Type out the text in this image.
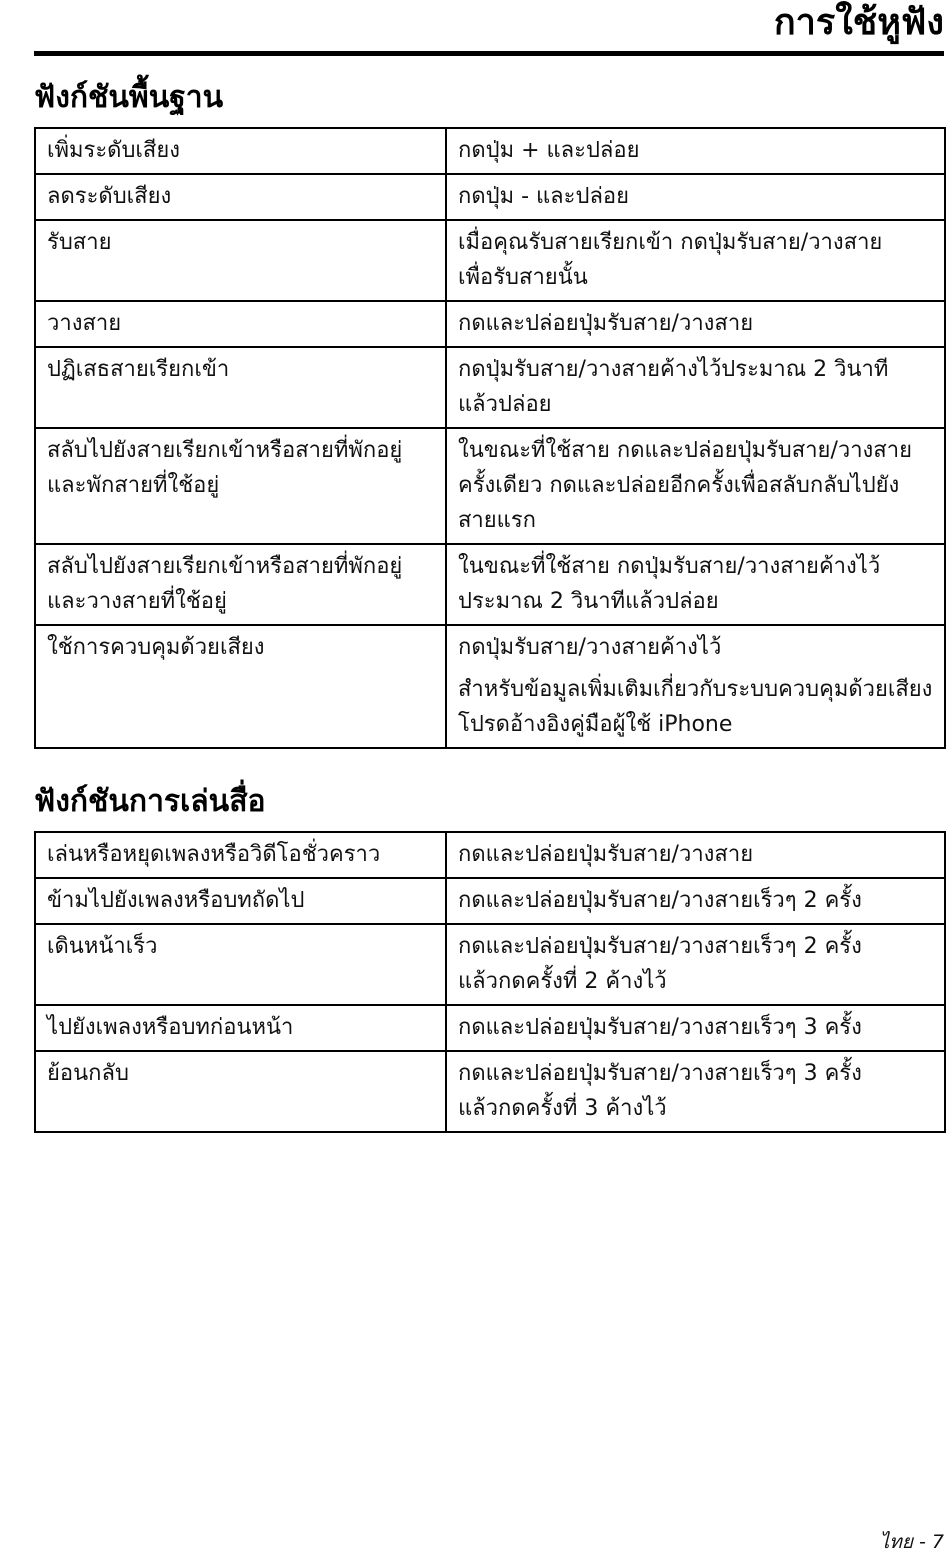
การใช้หูฟัง
ฟังก์ชันพื้นฐาน
เพิ่มระดับเสียง	กดปุ่ม + และปล่อย

ลดระดับเสียง	กดปุ่ม - และปล่อย

รับสาย	เมื่อคุณรับสายเรียกเข้า กดปุ่มรับสาย/วางสาย
เพื่อรับสายนั้น

วางสาย	กดและปล่อยปุ่มรับสาย/วางสาย

ปฏิเสธสายเรียกเข้า	กดปุ่มรับสาย/วางสายค้างไว้ประมาณ 2 วินาที
แล้วปล่อย

สลับไปยังสายเรียกเข้าหรือสายที่พักอยู่
และพักสายที่ใช้อยู่	ในขณะที่ใช้สาย กดและปล่อยปุ่มรับสาย/วางสาย
ครั้งเดียว กดและปล่อยอีกครั้งเพื่อสลับกลับไปยัง
สายแรก

สลับไปยังสายเรียกเข้าหรือสายที่พักอยู่
และวางสายที่ใช้อยู่	ในขณะที่ใช้สาย กดปุ่มรับสาย/วางสายค้างไว้
ประมาณ 2 วินาทีแล้วปล่อย

ใช้การควบคุมด้วยเสียง	กดปุ่มรับสาย/วางสายค้างไว้
สำหรับข้อมูลเพิ่มเติมเกี่ยวกับระบบควบคุมด้วยเสียง
โปรดอ้างอิงคู่มือผู้ใช้ iPhone
ฟังก์ชันการเล่นสื่อ
เล่นหรือหยุดเพลงหรือวิดีโอชั่วคราว	กดและปล่อยปุ่มรับสาย/วางสาย

ข้ามไปยังเพลงหรือบทถัดไป	กดและปล่อยปุ่มรับสาย/วางสายเร็วๆ 2 ครั้ง

เดินหน้าเร็ว	กดและปล่อยปุ่มรับสาย/วางสายเร็วๆ 2 ครั้ง
แล้วกดครั้งที่ 2 ค้างไว้

ไปยังเพลงหรือบทก่อนหน้า	กดและปล่อยปุ่มรับสาย/วางสายเร็วๆ 3 ครั้ง

ย้อนกลับ	กดและปล่อยปุ่มรับสาย/วางสายเร็วๆ 3 ครั้ง
แล้วกดครั้งที่ 3 ค้างไว้
ไทย - 7
